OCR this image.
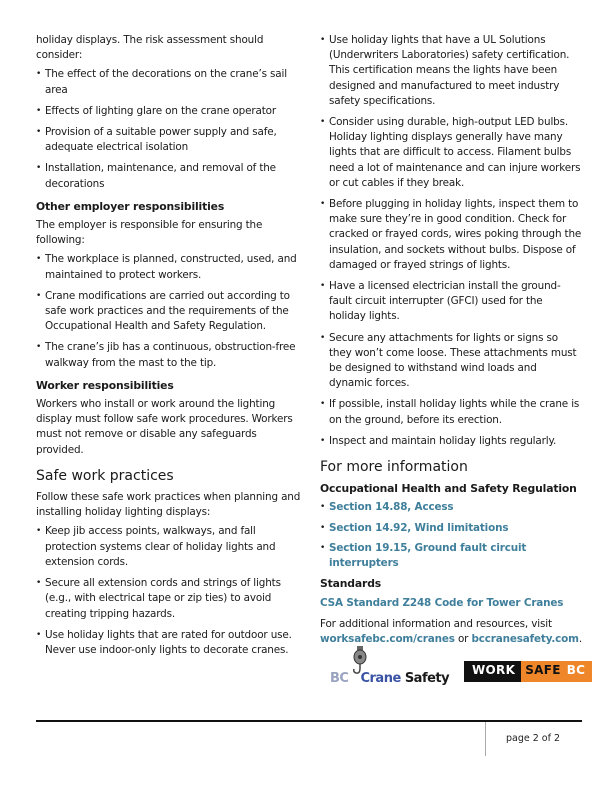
holiday displays. The risk assessment should consider:

• The effect of the decorations on the crane’s sail area
• Effects of lighting glare on the crane operator
• Provision of a suitable power supply and safe, adequate electrical isolation
• Installation, maintenance, and removal of the decorations
Other employer responsibilities

The employer is responsible for ensuring the following:

• The workplace is planned, constructed, used, and maintained to protect workers.
• Crane modifications are carried out according to safe work practices and the requirements of the Occupational Health and Safety Regulation.
• The crane’s jib has a continuous, obstruction-free walkway from the mast to the tip.
Worker responsibilities

Workers who install or work around the lighting display must follow safe work procedures. Workers must not remove or disable any safeguards provided.

Safe work practices

Follow these safe work practices when planning and installing holiday lighting displays:

• Keep jib access points, walkways, and fall protection systems clear of holiday lights and extension cords.
• Secure all extension cords and strings of lights (e.g., with electrical tape or zip ties) to avoid creating tripping hazards.
• Use holiday lights that are rated for outdoor use. Never use indoor-only lights to decorate cranes.
• Use holiday lights that have a UL Solutions (Underwriters Laboratories) safety certification. This certification means the lights have been designed and manufactured to meet industry safety specifications.
• Consider using durable, high-output LED bulbs. Holiday lighting displays generally have many lights that are difficult to access. Filament bulbs need a lot of maintenance and can injure workers or cut cables if they break.
• Before plugging in holiday lights, inspect them to make sure they’re in good condition. Check for cracked or frayed cords, wires poking through the insulation, and sockets without bulbs. Dispose of damaged or frayed strings of lights.
• Have a licensed electrician install the ground-fault circuit interrupter (GFCI) used for the holiday lights.
• Secure any attachments for lights or signs so they won’t come loose. These attachments must be designed to withstand wind loads and dynamic forces.
• If possible, install holiday lights while the crane is on the ground, before its erection.
• Inspect and maintain holiday lights regularly.
For more information
Occupational Health and Safety Regulation
• Section 14.88, Access
• Section 14.92, Wind limitations
• Section 19.15, Ground fault circuit interrupters
Standards

CSA Standard Z248 Code for Tower Cranes

For additional information and resources, visit worksafebc.com/cranes or bccranesafety.com.

BC Crane Safety
WORK SAFE BC
page 2 of 2
